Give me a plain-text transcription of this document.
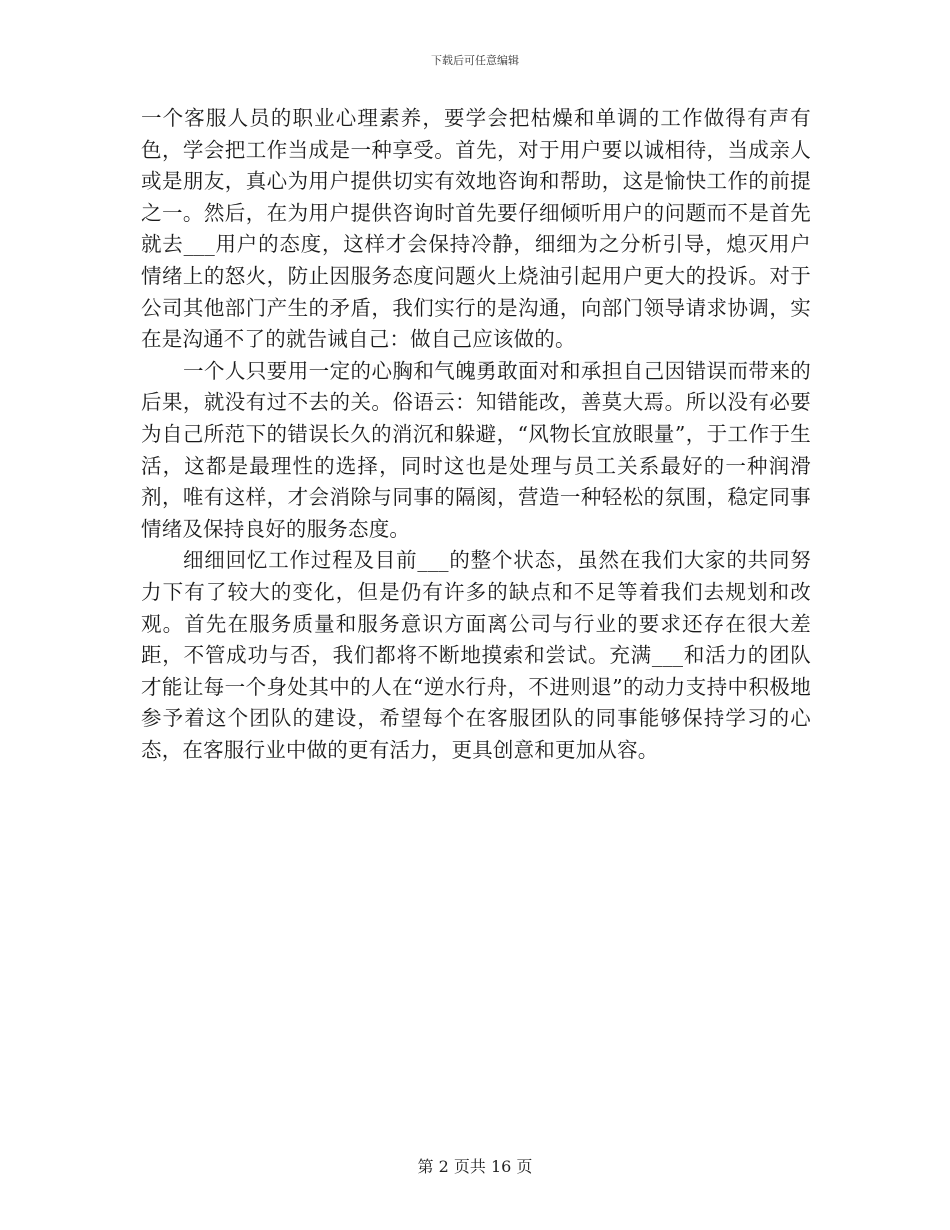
下载后可任意编辑

一个客服人员的职业心理素养，要学会把枯燥和单调的工作做得有声有色，学会把工作当成是一种享受。首先，对于用户要以诚相待，当成亲人或是朋友，真心为用户提供切实有效地咨询和帮助，这是愉快工作的前提之一。然后，在为用户提供咨询时首先要仔细倾听用户的问题而不是首先就去___用户的态度，这样才会保持冷静，细细为之分析引导，熄灭用户情绪上的怒火，防止因服务态度问题火上烧油引起用户更大的投诉。对于公司其他部门产生的矛盾，我们实行的是沟通，向部门领导请求协调，实在是沟通不了的就告诫自己：做自己应该做的。

一个人只要用一定的心胸和气魄勇敢面对和承担自己因错误而带来的后果，就没有过不去的关。俗语云：知错能改，善莫大焉。所以没有必要为自己所范下的错误长久的消沉和躲避，“风物长宜放眼量”，于工作于生活，这都是最理性的选择，同时这也是处理与员工关系最好的一种润滑剂，唯有这样，才会消除与同事的隔阂，营造一种轻松的氛围，稳定同事情绪及保持良好的服务态度。

细细回忆工作过程及目前___的整个状态，虽然在我们大家的共同努力下有了较大的变化，但是仍有许多的缺点和不足等着我们去规划和改观。首先在服务质量和服务意识方面离公司与行业的要求还存在很大差距，不管成功与否，我们都将不断地摸索和尝试。充满___和活力的团队才能让每一个身处其中的人在“逆水行舟，不进则退”的动力支持中积极地参予着这个团队的建设，希望每个在客服团队的同事能够保持学习的心态，在客服行业中做的更有活力，更具创意和更加从容。

第 2 页共 16 页
